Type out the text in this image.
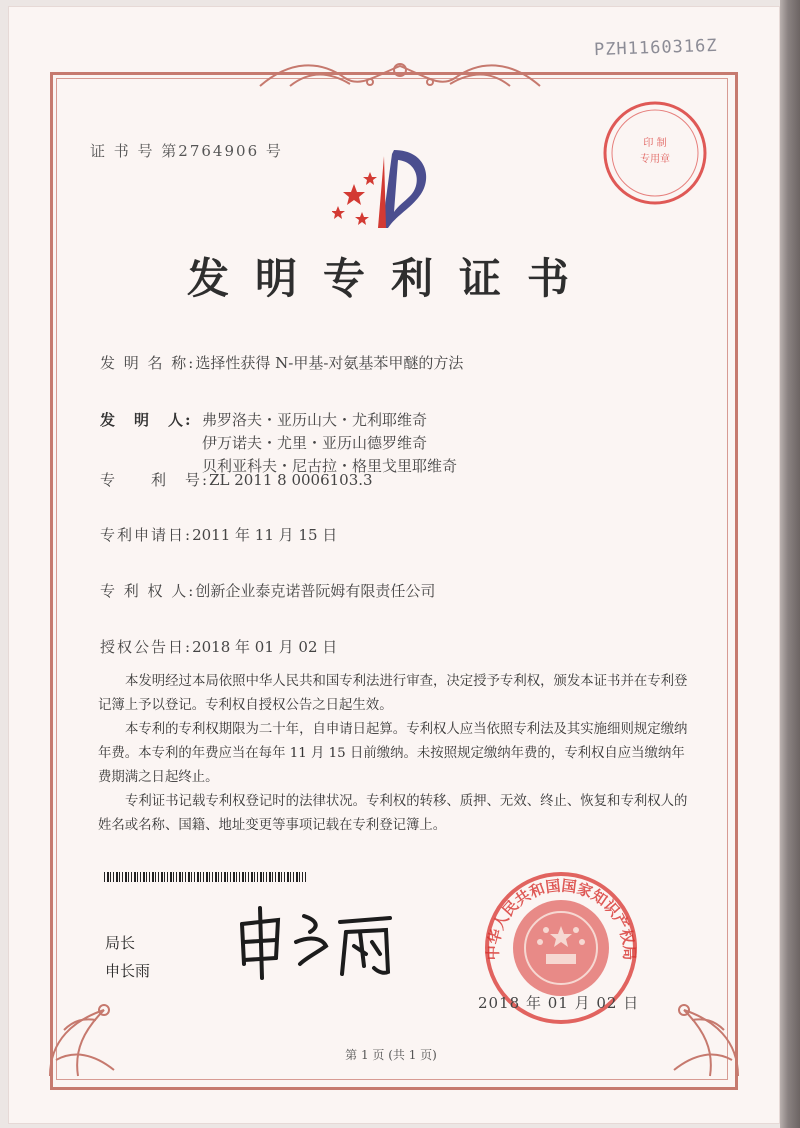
PZH1160316Z
印 制
专用章
证 书 号 第2764906 号
发明专利证书
发 明 名 称:选择性获得 N-甲基-对氨基苯甲醚的方法
发　明　人: 弗罗洛夫・亚历山大・尤利耶维奇
伊万诺夫・尤里・亚历山德罗维奇
贝利亚科夫・尼古拉・格里戈里耶维奇
专　　利　号:ZL 2011 8 0006103.3
专利申请日:2011 年 11 月 15 日
专 利 权 人:创新企业泰克诺普阮姆有限责任公司
授权公告日:2018 年 01 月 02 日

本发明经过本局依照中华人民共和国专利法进行审查，决定授予专利权，颁发本证书并在专利登记簿上予以登记。专利权自授权公告之日起生效。

本专利的专利权期限为二十年，自申请日起算。专利权人应当依照专利法及其实施细则规定缴纳年费。本专利的年费应当在每年 11 月 15 日前缴纳。未按照规定缴纳年费的，专利权自应当缴纳年费期满之日起终止。

专利证书记载专利权登记时的法律状况。专利权的转移、质押、无效、终止、恢复和专利权人的姓名或名称、国籍、地址变更等事项记载在专利登记簿上。

局长
申长雨
中华人民共和国国家知识产权局
2018 年 01 月 02 日
第 1 页 (共 1 页)
